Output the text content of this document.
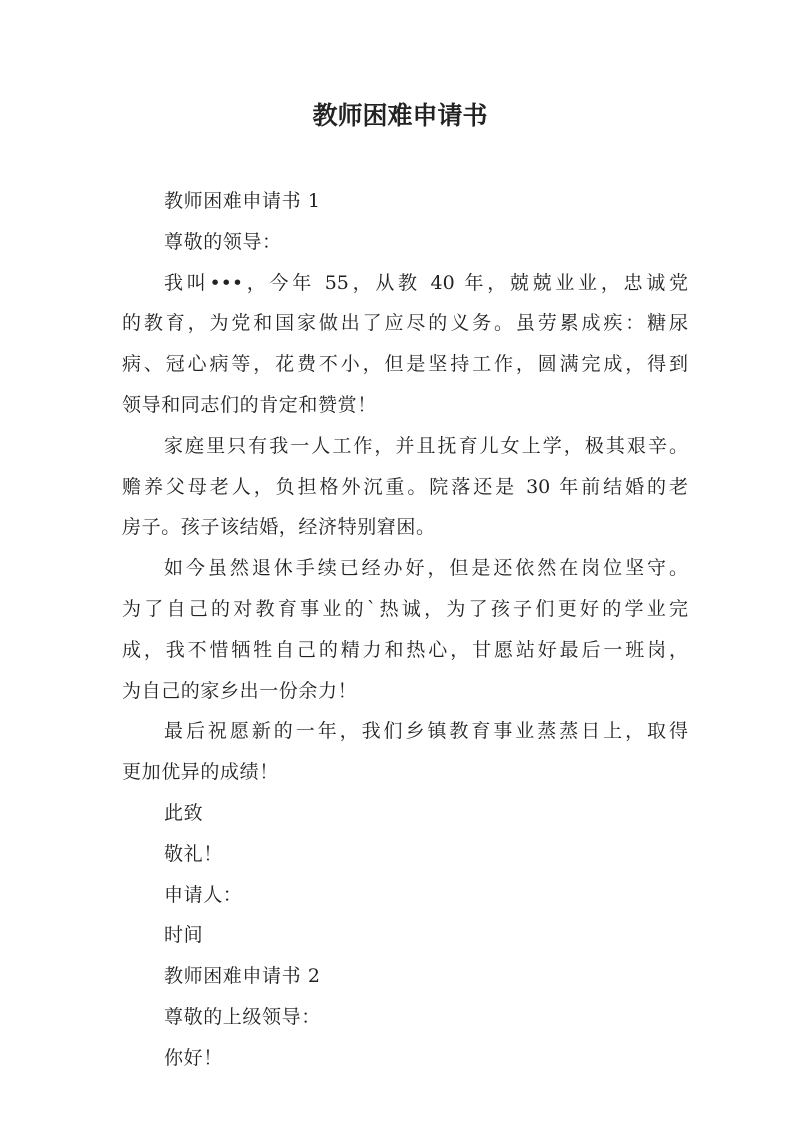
教师困难申请书

教师困难申请书 1

尊敬的领导：

我叫•••，今年 55，从教 40 年，兢兢业业，忠诚党

的教育，为党和国家做出了应尽的义务。虽劳累成疾：糖尿

病、冠心病等，花费不小，但是坚持工作，圆满完成，得到

领导和同志们的肯定和赞赏！

家庭里只有我一人工作，并且抚育儿女上学，极其艰辛。

赡养父母老人，负担格外沉重。院落还是 30 年前结婚的老

房子。孩子该结婚，经济特别窘困。

如今虽然退休手续已经办好，但是还依然在岗位坚守。

为了自己的对教育事业的`热诚，为了孩子们更好的学业完

成，我不惜牺牲自己的精力和热心，甘愿站好最后一班岗，

为自己的家乡出一份余力！

最后祝愿新的一年，我们乡镇教育事业蒸蒸日上，取得

更加优异的成绩！

此致

敬礼！

申请人：

时间

教师困难申请书 2

尊敬的上级领导：

你好！
